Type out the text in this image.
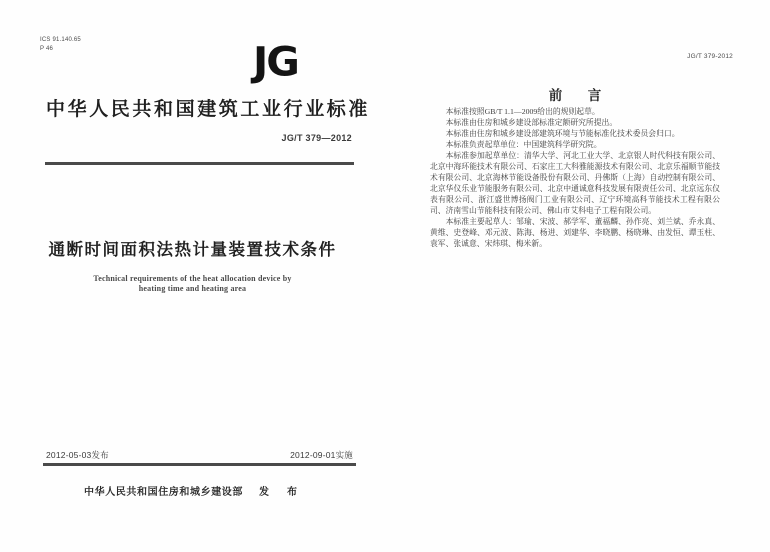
ICS 91.140.65
P 46	JG
中华人民共和国建筑工业行业标准
JG/T 379—2012
通断时间面积法热计量装置技术条件
Technical requirements of the heat allocation device by
heating time and heating area
2012-05-03发布	2012-09-01实施
中华人民共和国住房和城乡建设部 发　布
JG/T 379-2012
前　言

本标准按照GB/T 1.1—2009给出的规则起草。

本标准由住房和城乡建设部标准定额研究所提出。

本标准由住房和城乡建设部建筑环境与节能标准化技术委员会归口。

本标准负责起草单位：中国建筑科学研究院。

本标准参加起草单位：清华大学、河北工业大学、北京银人时代科技有限公司、北京中海环能技术有限公司、石家庄工大科雅能源技术有限公司、北京乐福顺节能技术有限公司、北京海林节能设备股份有限公司、丹佛斯（上海）自动控制有限公司、北京华仪乐业节能服务有限公司、北京中通诚意科技发展有限责任公司、北京远东仪表有限公司、浙江盛世博扬阀门工业有限公司、辽宁环境高科节能技术工程有限公司、济南雪山节能科技有限公司、佛山市艾科电子工程有限公司。

本标准主要起草人：邹瑜、宋波、郝学军、董福麟、孙作亮、刘兰斌、乔永真、黄维、史登峰、邓元波、陈海、杨进、刘建华、李晓鹏、杨晓琳、由发恒、谭玉柱、袁军、张诚意、宋炜琪、梅米新。
